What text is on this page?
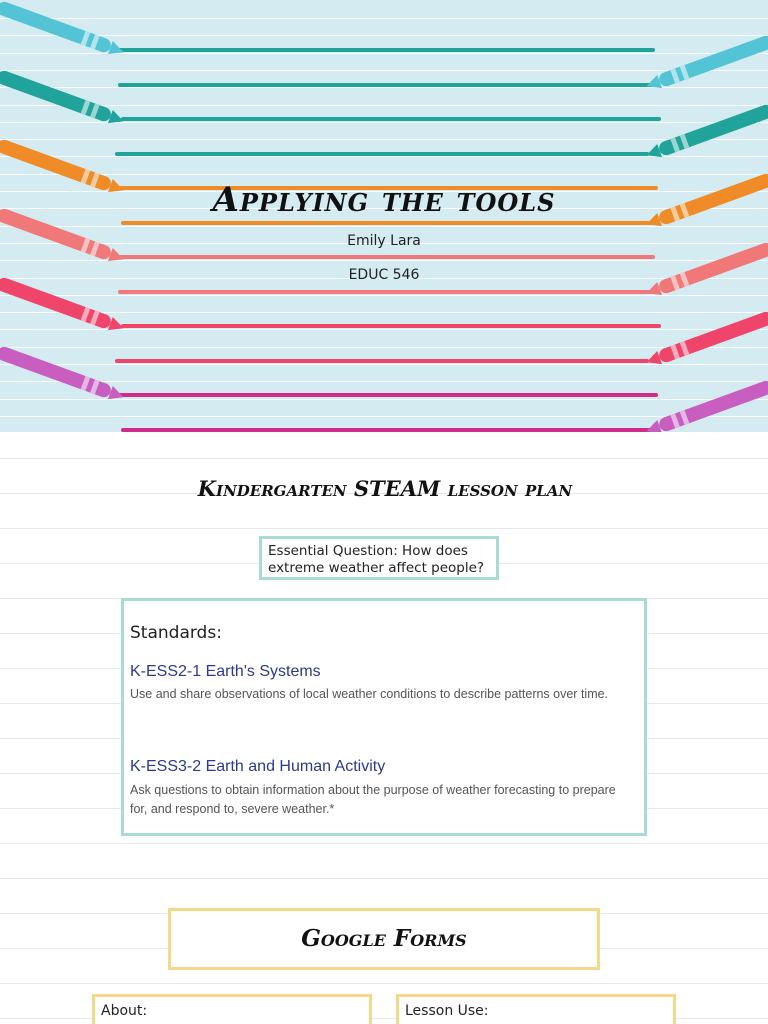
Applying the tools
Emily Lara
EDUC 546
Kindergarten STEAM lesson plan
Essential Question: How does extreme weather affect people?
Standards:
K-ESS2-1 Earth's Systems
Use and share observations of local weather conditions to describe patterns over time.
K-ESS3-2 Earth and Human Activity
Ask questions to obtain information about the purpose of weather forecasting to prepare for, and respond to, severe weather.*
Google Forms
About:	Lesson Use:
